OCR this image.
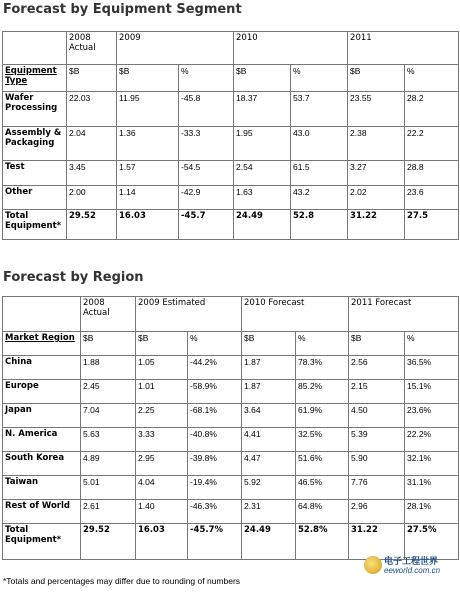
Forecast by Equipment Segment
	2008 Actual	2009		2010		2011	
Equipment Type	$B	$B	%	$B	%	$B	%
Wafer Processing	22.03	11.95	-45.8	18.37	53.7	23.55	28.2
Assembly & Packaging	2.04	1.36	-33.3	1.95	43.0	2.38	22.2
Test	3.45	1.57	-54.5	2.54	61.5	3.27	28.8
Other	2.00	1.14	-42.9	1.63	43.2	2.02	23.6
Total Equipment*	29.52	16.03	-45.7	24.49	52.8	31.22	27.5
Forecast by Region
	2008 Actual	2009 Estimated		2010 Forecast		2011 Forecast	
Market Region	$B	$B	%	$B	%	$B	%
China	1.88	1.05	-44.2%	1.87	78.3%	2.56	36.5%
Europe	2.45	1.01	-58.9%	1.87	85.2%	2.15	15.1%
Japan	7.04	2.25	-68.1%	3.64	61.9%	4.50	23.6%
N. America	5.63	3.33	-40.8%	4.41	32.5%	5.39	22.2%
South Korea	4.89	2.95	-39.8%	4.47	51.6%	5.90	32.1%
Taiwan	5.01	4.04	-19.4%	5.92	46.5%	7.76	31.1%
Rest of World	2.61	1.40	-46.3%	2.31	64.8%	2.96	28.1%
Total Equipment*	29.52	16.03	-45.7%	24.49	52.8%	31.22	27.5%
电子工程世界
eeworld.com.cn
*Totals and percentages may differ due to rounding of numbers
